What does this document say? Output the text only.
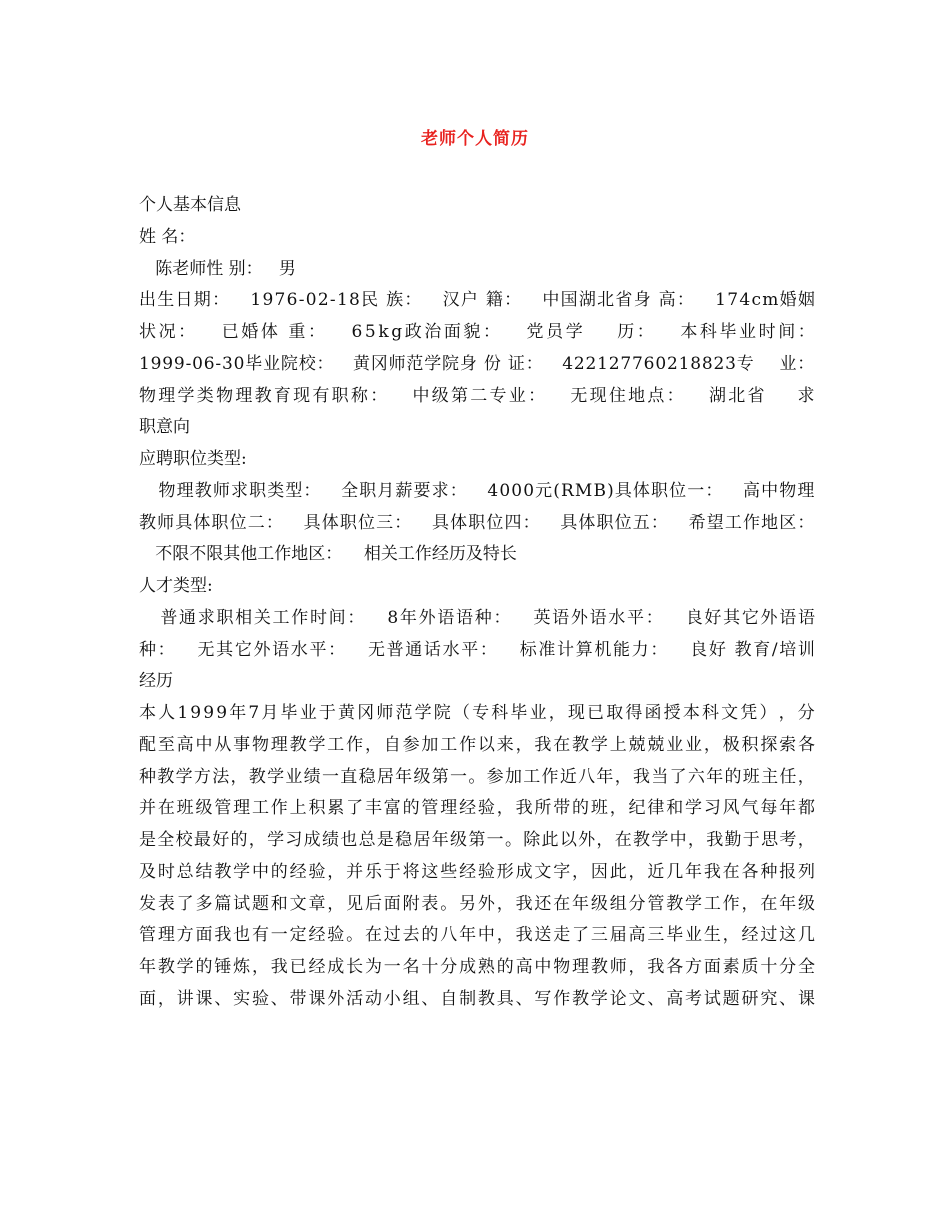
老师个人简历
个人基本信息
姓 名：
陈老师性 别：   男
出 生 日 期 ：

1 9 7 6 - 0 2 - 1 8 民
族 ：

汉 户
籍 ：

中 国 湖 北 省 身
高 ：

1 7 4 c m 婚 姻
状 况 ：

已 婚 体
重 ：

6 5 k g 政 治 面 貌 ：

党 员 学

历 ：

本 科 毕 业 时 间 ：
1 9 9 9 - 0 6 - 3 0 毕 业 院 校 ：

黄 冈 师 范 学 院 身
份
证 ：

4 2 2 1 2 7 7 6 0 2 1 8 8 2 3 专

业 ：
物 理 学 类 物 理 教 育 现 有 职 称 ：

中 级 第 二 专 业 ：

无 现 住 地 点 ：

湖 北 省

求
职意向
应聘职位类型:

物 理 教 师 求 职 类 型 ：

全 职 月 薪 要 求 ：

4 0 0 0 元 ( R M B ) 具 体 职 位 一 ：

高 中 物 理
教 师 具 体 职 位 二 ：

具 体 职 位 三 ：

具 体 职 位 四 ：

具 体 职 位 五 ：

希 望 工 作 地 区 ：
不限不限其他工作地区：    相关工作经历及特长
人才类型:

普 通 求 职 相 关 工 作 时 间 ：

8 年 外 语 语 种 ：

英 语 外 语 水 平 ：

良 好 其 它 外 语 语
种 ：

无 其 它 外 语 水 平 ：

无 普 通 话 水 平 ：

标 准 计 算 机 能 力 ：

良 好
教 育 / 培 训
经历
本 人 1 9 9 9 年 7 月 毕 业 于 黄 冈 师 范 学 院 （ 专 科 毕 业 ， 现 已 取 得 函 授 本 科 文 凭 ） ， 分
配 至 高 中 从 事 物 理 教 学 工 作 ， 自 参 加 工 作 以 来 ， 我 在 教 学 上 兢 兢 业 业 ， 极 积 探 索 各
种 教 学 方 法 ， 教 学 业 绩 一 直 稳 居 年 级 第 一 。 参 加 工 作 近 八 年 ， 我 当 了 六 年 的 班 主 任 ，
并 在 班 级 管 理 工 作 上 积 累 了 丰 富 的 管 理 经 验 ， 我 所 带 的 班 ， 纪 律 和 学 习 风 气 每 年 都
是 全 校 最 好 的 ， 学 习 成 绩 也 总 是 稳 居 年 级 第 一 。 除 此 以 外 ， 在 教 学 中 ， 我 勤 于 思 考 ，
及 时 总 结 教 学 中 的 经 验 ， 并 乐 于 将 这 些 经 验 形 成 文 字 ， 因 此 ， 近 几 年 我 在 各 种 报 列
发 表 了 多 篇 试 题 和 文 章 ， 见 后 面 附 表 。 另 外 ， 我 还 在 年 级 组 分 管 教 学 工 作 ， 在 年 级
管 理 方 面 我 也 有 一 定 经 验 。 在 过 去 的 八 年 中 ， 我 送 走 了 三 届 高 三 毕 业 生 ， 经 过 这 几
年 教 学 的 锤 炼 ， 我 已 经 成 长 为 一 名 十 分 成 熟 的 高 中 物 理 教 师 ， 我 各 方 面 素 质 十 分 全
面 ， 讲 课 、 实 验 、 带 课 外 活 动 小 组 、 自 制 教 具 、 写 作 教 学 论 文 、 高 考 试 题 研 究 、 课
